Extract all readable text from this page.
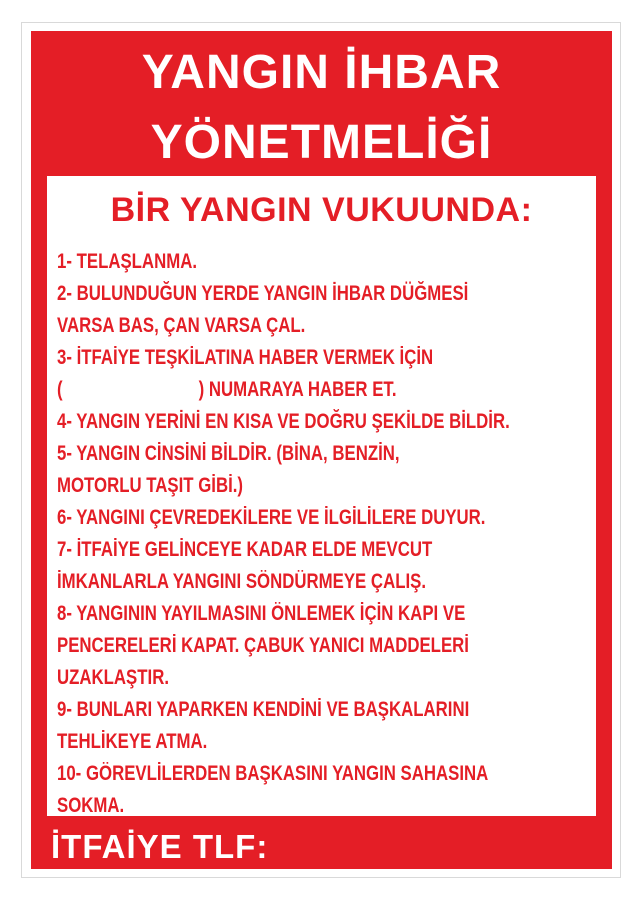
YANGIN İHBAR
YÖNETMELİĞİ
BİR YANGIN VUKUUNDA:
1- TELAŞLANMA.
2- BULUNDUĞUN YERDE YANGIN İHBAR DÜĞMESİ
VARSA BAS, ÇAN VARSA ÇAL.
3- İTFAİYE TEŞKİLATINA HABER VERMEK İÇİN
(	) NUMARAYA HABER ET.
4- YANGIN YERİNİ EN KISA VE DOĞRU ŞEKİLDE BİLDİR.
5- YANGIN CİNSİNİ BİLDİR. (BİNA, BENZİN,
MOTORLU TAŞIT GİBİ.)
6- YANGINI ÇEVREDEKİLERE VE İLGİLİLERE DUYUR.
7- İTFAİYE GELİNCEYE KADAR ELDE MEVCUT
İMKANLARLA YANGINI SÖNDÜRMEYE ÇALIŞ.
8- YANGININ YAYILMASINI ÖNLEMEK İÇİN KAPI VE
PENCERELERİ KAPAT. ÇABUK YANICI MADDELERİ
UZAKLAŞTIR.
9- BUNLARI YAPARKEN KENDİNİ VE BAŞKALARINI
TEHLİKEYE ATMA.
10- GÖREVLİLERDEN BAŞKASINI YANGIN SAHASINA
SOKMA.
İTFAİYE TLF:
